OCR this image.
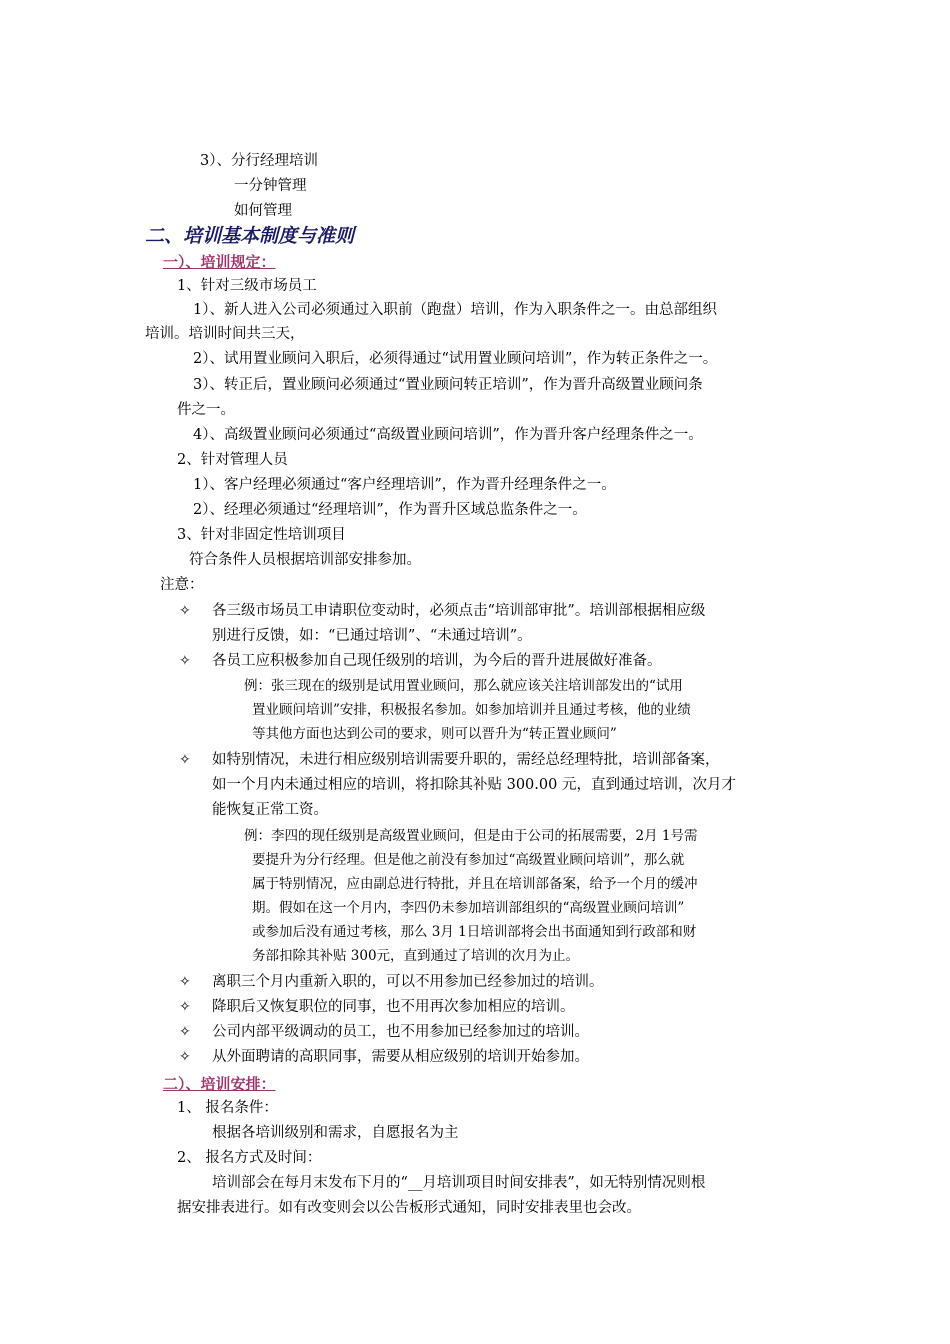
3）、分行经理培训
一分钟管理
如何管理
二、培训基本制度与准则
一）、培训规定：
1、针对三级市场员工
1）、新人进入公司必须通过入职前（跑盘）培训，作为入职条件之一。由总部组织
培训。培训时间共三天，
2）、试用置业顾问入职后，必须得通过“试用置业顾问培训”，作为转正条件之一。
3）、转正后，置业顾问必须通过“置业顾问转正培训”，作为晋升高级置业顾问条
件之一。
4）、高级置业顾问必须通过“高级置业顾问培训”，作为晋升客户经理条件之一。
2、针对管理人员
1）、客户经理必须通过“客户经理培训”，作为晋升经理条件之一。
2）、经理必须通过“经理培训”，作为晋升区域总监条件之一。
3、针对非固定性培训项目
符合条件人员根据培训部安排参加。
注意：
✧ 各三级市场员工申请职位变动时，必须点击“培训部审批”。培训部根据相应级
别进行反馈，如：“已通过培训”、“未通过培训”。
✧ 各员工应积极参加自己现任级别的培训，为今后的晋升进展做好准备。
例：张三现在的级别是试用置业顾问，那么就应该关注培训部发出的“试用
置业顾问培训”安排，积极报名参加。如参加培训并且通过考核，他的业绩
等其他方面也达到公司的要求，则可以晋升为“转正置业顾问”
✧ 如特别情况，未进行相应级别培训需要升职的，需经总经理特批，培训部备案，
如一个月内未通过相应的培训，将扣除其补贴 300.00 元，直到通过培训，次月才
能恢复正常工资。
例：李四的现任级别是高级置业顾问，但是由于公司的拓展需要，2月 1号需
要提升为分行经理。但是他之前没有参加过“高级置业顾问培训”，那么就
属于特别情况，应由副总进行特批，并且在培训部备案，给予一个月的缓冲
期。假如在这一个月内，李四仍未参加培训部组织的“高级置业顾问培训”
或参加后没有通过考核，那么 3月 1日培训部将会出书面通知到行政部和财
务部扣除其补贴 300元，直到通过了培训的次月为止。
✧ 离职三个月内重新入职的，可以不用参加已经参加过的培训。
✧ 降职后又恢复职位的同事，也不用再次参加相应的培训。
✧ 公司内部平级调动的员工，也不用参加已经参加过的培训。
✧ 从外面聘请的高职同事，需要从相应级别的培训开始参加。
二）、培训安排：
1、 报名条件：
根据各培训级别和需求，自愿报名为主
2、 报名方式及时间：
培训部会在每月末发布下月的“__月培训项目时间安排表”，如无特别情况则根
据安排表进行。如有改变则会以公告板形式通知，同时安排表里也会改。
